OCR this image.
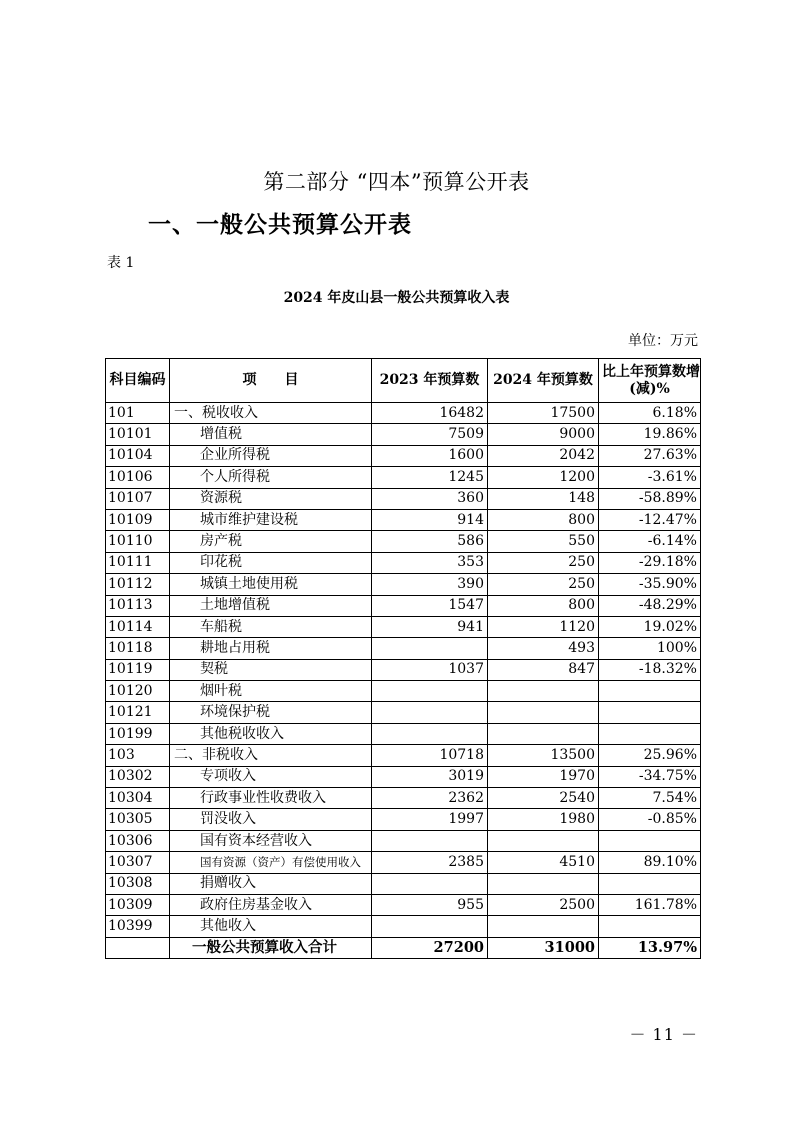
第二部分 “四本”预算公开表
一、一般公共预算公开表
表 1
2024 年皮山县一般公共预算收入表
单位：万元
科目编码	项　　目	2023 年预算数	2024 年预算数	比上年预算数增
(减)%
101	一、税收收入	16482	17500	6.18%
10101	增值税	7509	9000	19.86%
10104	企业所得税	1600	2042	27.63%
10106	个人所得税	1245	1200	-3.61%
10107	资源税	360	148	-58.89%
10109	城市维护建设税	914	800	-12.47%
10110	房产税	586	550	-6.14%
10111	印花税	353	250	-29.18%
10112	城镇土地使用税	390	250	-35.90%
10113	土地增值税	1547	800	-48.29%
10114	车船税	941	1120	19.02%
10118	耕地占用税		493	100%
10119	契税	1037	847	-18.32%
10120	烟叶税			
10121	环境保护税			
10199	其他税收收入			
103	二、非税收入	10718	13500	25.96%
10302	专项收入	3019	1970	-34.75%
10304	行政事业性收费收入	2362	2540	7.54%
10305	罚没收入	1997	1980	-0.85%
10306	国有资本经营收入			
10307	国有资源（资产）有偿使用收入	2385	4510	89.10%
10308	捐赠收入			
10309	政府住房基金收入	955	2500	161.78%
10399	其他收入			
	一般公共预算收入合计	27200	31000	13.97%
－ 11 －
